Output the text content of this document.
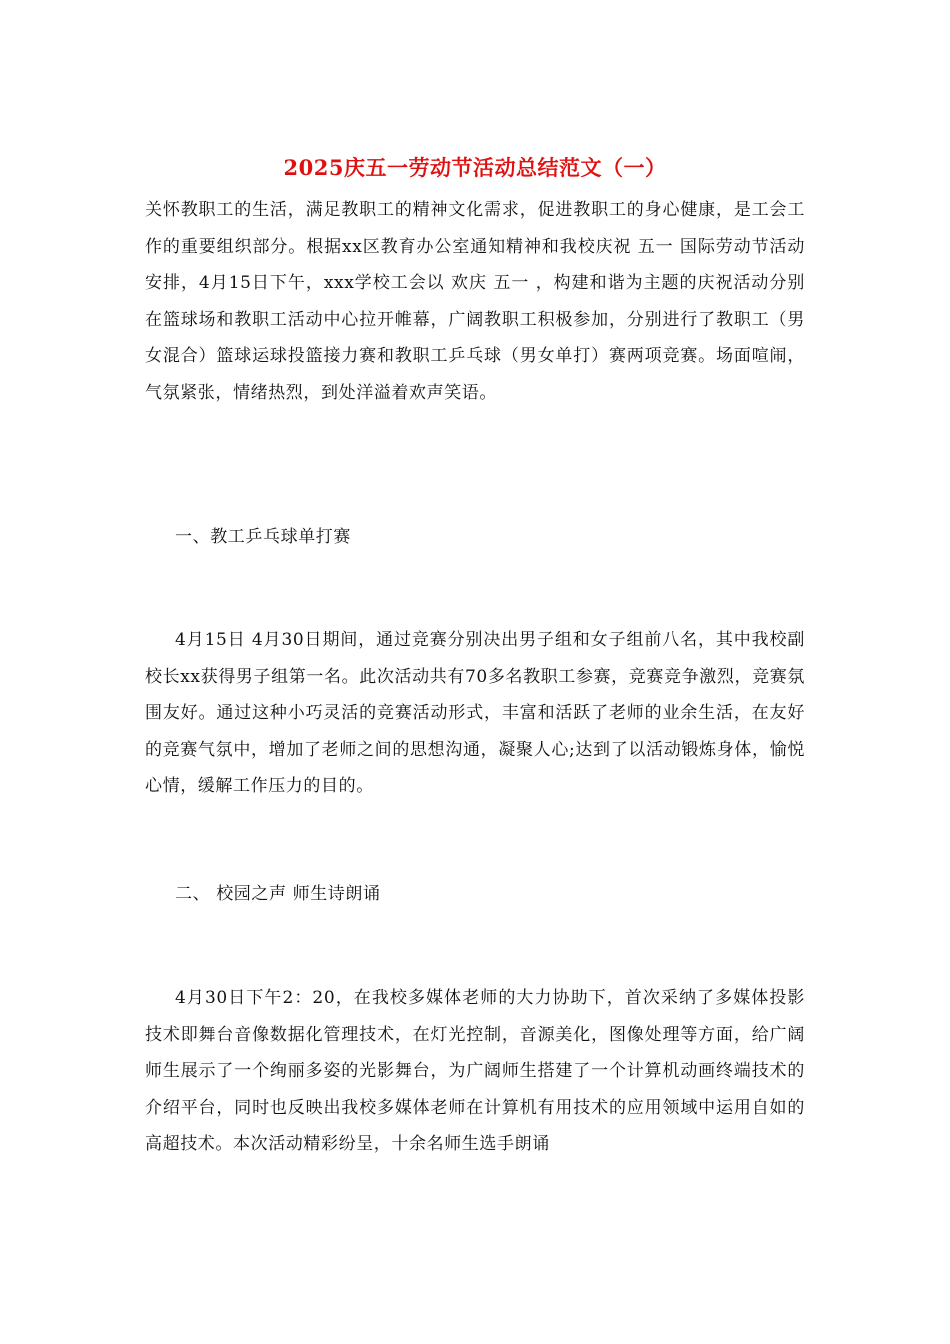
2025庆五一劳动节活动总结范文（一）

关怀教职工的生活，满足教职工的精神文化需求，促进教职工的身心健康，是工会工作的重要组织部分。根据xx区教育办公室通知精神和我校庆祝 五一 国际劳动节活动安排，4月15日下午，xxx学校工会以 欢庆 五一 ，构建和谐为主题的庆祝活动分别在篮球场和教职工活动中心拉开帷幕，广阔教职工积极参加，分别进行了教职工（男女混合）篮球运球投篮接力赛和教职工乒乓球（男女单打）赛两项竞赛。场面喧闹，气氛紧张，情绪热烈，到处洋溢着欢声笑语。

一、教工乒乓球单打赛

4月15日 4月30日期间，通过竞赛分别决出男子组和女子组前八名，其中我校副校长xx获得男子组第一名。此次活动共有70多名教职工参赛，竞赛竞争激烈，竞赛氛围友好。通过这种小巧灵活的竞赛活动形式，丰富和活跃了老师的业余生活，在友好的竞赛气氛中，增加了老师之间的思想沟通，凝聚人心;达到了以活动锻炼身体，愉悦心情，缓解工作压力的目的。

二、 校园之声 师生诗朗诵

4月30日下午2：20，在我校多媒体老师的大力协助下，首次采纳了多媒体投影技术即舞台音像数据化管理技术，在灯光控制，音源美化，图像处理等方面，给广阔师生展示了一个绚丽多姿的光影舞台，为广阔师生搭建了一个计算机动画终端技术的介绍平台，同时也反映出我校多媒体老师在计算机有用技术的应用领域中运用自如的高超技术。本次活动精彩纷呈，十余名师生选手朗诵
